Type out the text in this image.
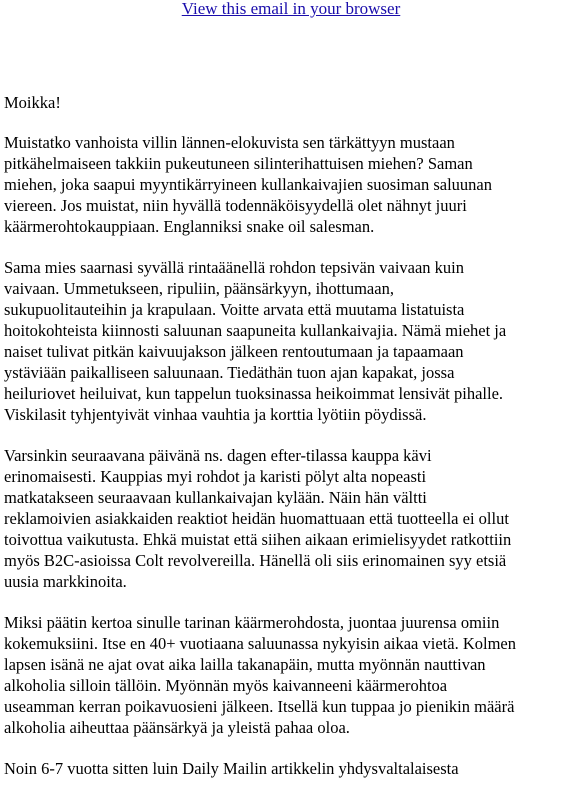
View this email in your browser

Moikka!

Muistatko vanhoista villin lännen-elokuvista sen tärkättyyn mustaan
pitkähelmaiseen takkiin pukeutuneen silinterihattuisen miehen? Saman
miehen, joka saapui myyntikärryineen kullankaivajien suosiman saluunan
viereen. Jos muistat, niin hyvällä todennäköisyydellä olet nähnyt juuri
käärmerohtokauppiaan. Englanniksi snake oil salesman.

Sama mies saarnasi syvällä rintaäänellä rohdon tepsivän vaivaan kuin
vaivaan. Ummetukseen, ripuliin, päänsärkyyn, ihottumaan,
sukupuolitauteihin ja krapulaan. Voitte arvata että muutama listatuista
hoitokohteista kiinnosti saluunan saapuneita kullankaivajia. Nämä miehet ja
naiset tulivat pitkän kaivuujakson jälkeen rentoutumaan ja tapaamaan
ystäviään paikalliseen saluunaan. Tiedäthän tuon ajan kapakat, jossa
heiluriovet heiluivat, kun tappelun tuoksinassa heikoimmat lensivät pihalle.
Viskilasit tyhjentyivät vinhaa vauhtia ja korttia lyötiin pöydissä.

Varsinkin seuraavana päivänä ns. dagen efter-tilassa kauppa kävi
erinomaisesti. Kauppias myi rohdot ja karisti pölyt alta nopeasti
matkatakseen seuraavaan kullankaivajan kylään. Näin hän vältti
reklamoivien asiakkaiden reaktiot heidän huomattuaan että tuotteella ei ollut
toivottua vaikutusta. Ehkä muistat että siihen aikaan erimielisyydet ratkottiin
myös B2C-asioissa Colt revolvereilla. Hänellä oli siis erinomainen syy etsiä
uusia markkinoita.

Miksi päätin kertoa sinulle tarinan käärmerohdosta, juontaa juurensa omiin
kokemuksiini. Itse en 40+ vuotiaana saluunassa nykyisin aikaa vietä. Kolmen
lapsen isänä ne ajat ovat aika lailla takanapäin, mutta myönnän nauttivan
alkoholia silloin tällöin. Myönnän myös kaivanneeni käärmerohtoa
useamman kerran poikavuosieni jälkeen. Itsellä kun tuppaa jo pienikin määrä
alkoholia aiheuttaa päänsärkyä ja yleistä pahaa oloa.

Noin 6-7 vuotta sitten luin Daily Mailin artikkelin yhdysvaltalaisesta
